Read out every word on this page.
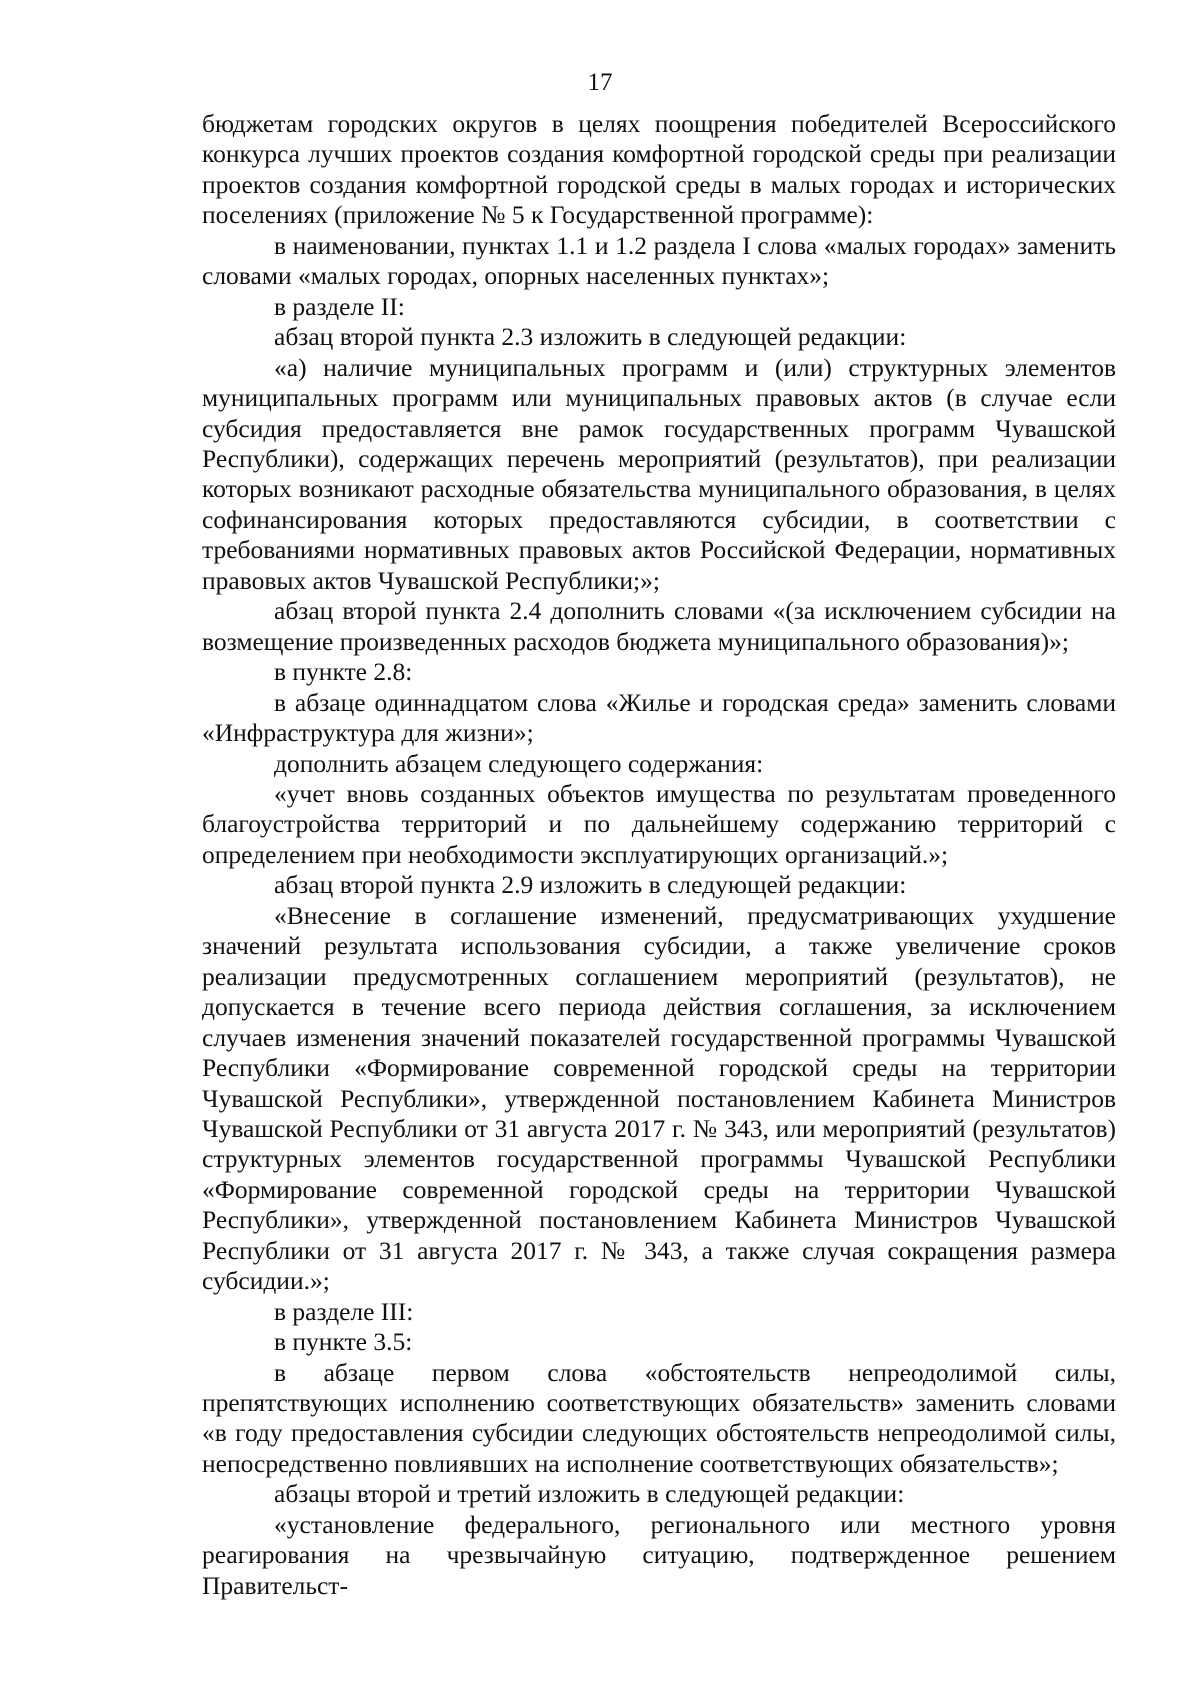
17

бюджетам городских округов в целях поощрения победителей Всероссийского конкурса лучших проектов создания комфортной городской среды при реализации проектов создания комфортной городской среды в малых городах и исторических поселениях (приложение № 5 к Государственной программе):

в наименовании, пунктах 1.1 и 1.2 раздела I слова «малых городах» заменить словами «малых городах, опорных населенных пунктах»;

в разделе II:

абзац второй пункта 2.3 изложить в следующей редакции:

«а) наличие муниципальных программ и (или) структурных элементов муниципальных программ или муниципальных правовых актов (в случае если субсидия предоставляется вне рамок государственных программ Чувашской Республики), содержащих перечень мероприятий (результатов), при реализации которых возникают расходные обязательства муниципального образования, в целях софинансирования которых предоставляются субсидии, в соответствии с требованиями нормативных правовых актов Российской Федерации, нормативных правовых актов Чувашской Республики;»;

абзац второй пункта 2.4 дополнить словами «(за исключением субсидии на возмещение произведенных расходов бюджета муниципального образования)»;

в пункте 2.8:

в абзаце одиннадцатом слова «Жилье и городская среда» заменить словами «Инфраструктура для жизни»;

дополнить абзацем следующего содержания:

«учет вновь созданных объектов имущества по результатам проведенного благоустройства территорий и по дальнейшему содержанию территорий с определением при необходимости эксплуатирующих организаций.»;

абзац второй пункта 2.9 изложить в следующей редакции:

«Внесение в соглашение изменений, предусматривающих ухудшение значений результата использования субсидии, а также увеличение сроков реализации предусмотренных соглашением мероприятий (результатов), не допускается в течение всего периода действия соглашения, за исключением случаев изменения значений показателей государственной программы Чувашской Республики «Формирование современной городской среды на территории Чувашской Республики», утвержденной постановлением Кабинета Министров Чувашской Республики от 31 августа 2017 г. № 343, или мероприятий (результатов) структурных элементов государственной программы Чувашской Республики «Формирование современной городской среды на территории Чувашской Республики», утвержденной постановлением Кабинета Министров Чувашской Республики от 31 августа 2017 г. № 343, а также случая сокращения размера субсидии.»;

в разделе III:

в пункте 3.5:

в абзаце первом слова «обстоятельств непреодолимой силы, препятствующих исполнению соответствующих обязательств» заменить словами «в году предоставления субсидии следующих обстоятельств непреодолимой силы, непосредственно повлиявших на исполнение соответствующих обязательств»;

абзацы второй и третий изложить в следующей редакции:

«установление федерального, регионального или местного уровня реагирования на чрезвычайную ситуацию, подтвержденное решением Правительст-
